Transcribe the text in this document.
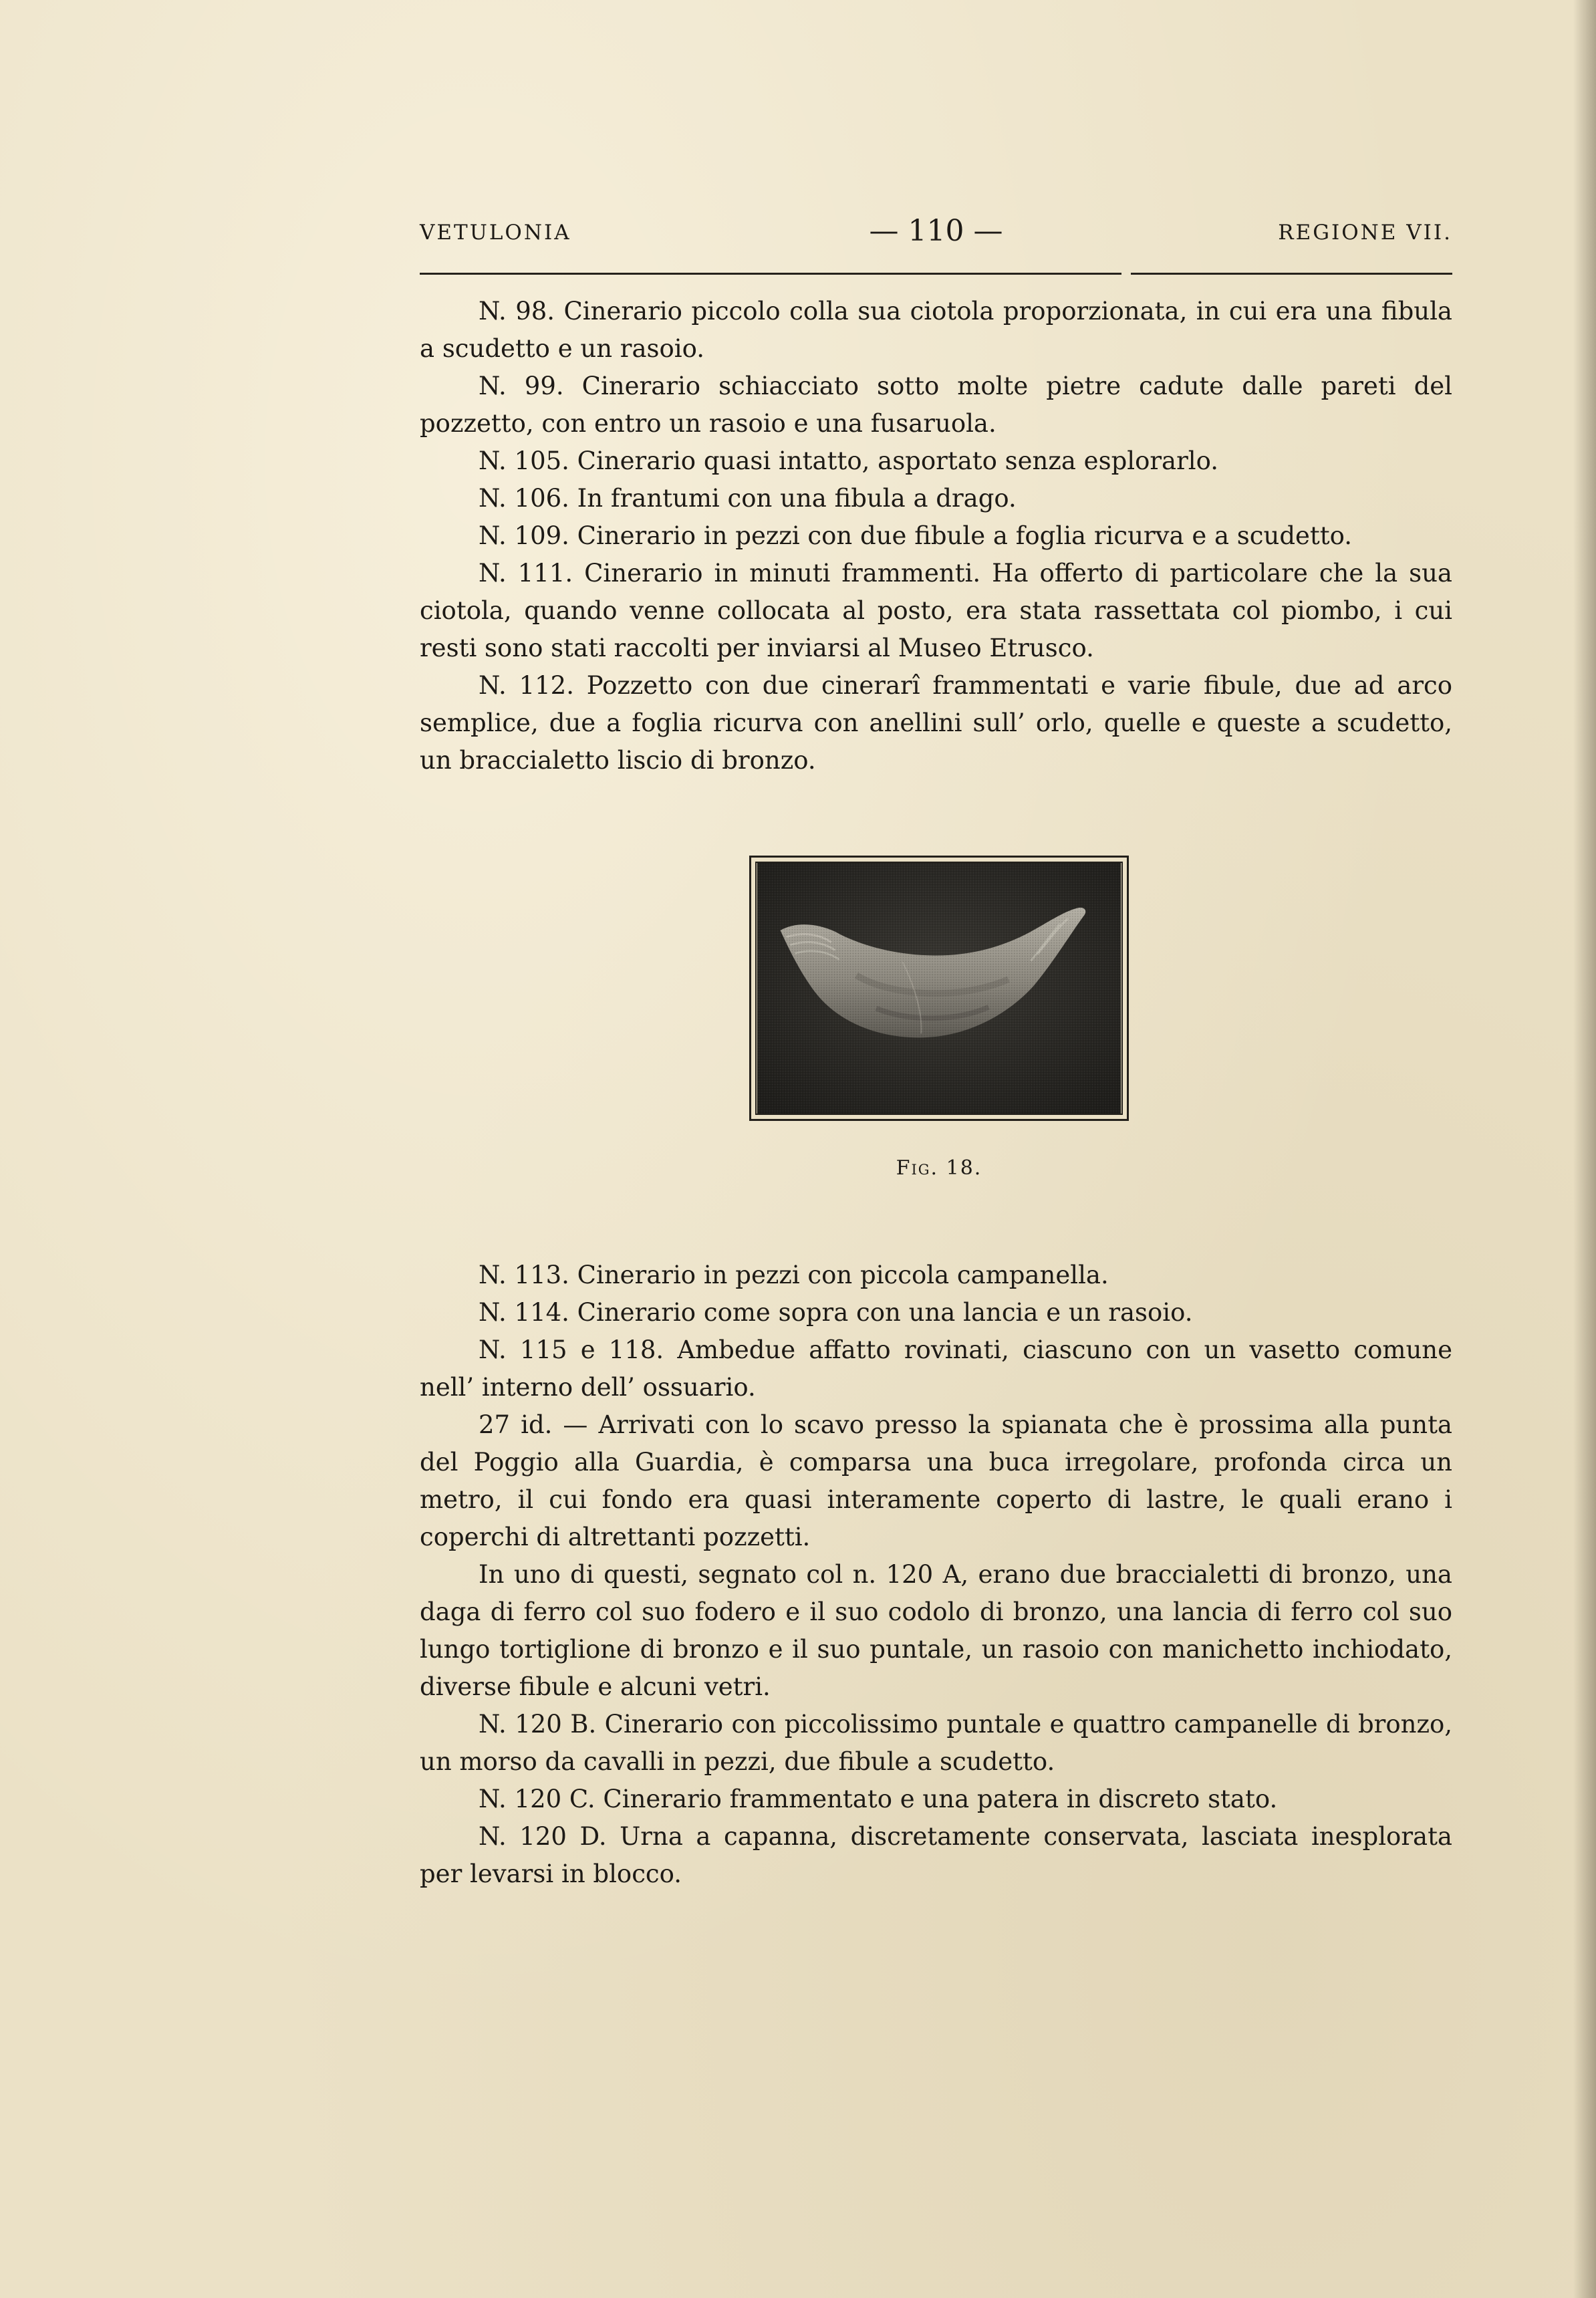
VETULONIA	— 110 —	REGIONE VII.

N. 98. Cinerario piccolo colla sua ciotola proporzionata, in cui era una fibula a scudetto e un rasoio.

N. 99. Cinerario schiacciato sotto molte pietre cadute dalle pareti del pozzetto, con entro un rasoio e una fusaruola.

N. 105. Cinerario quasi intatto, asportato senza esplorarlo.

N. 106. In frantumi con una fibula a drago.

N. 109. Cinerario in pezzi con due fibule a foglia ricurva e a scudetto.

N. 111. Cinerario in minuti frammenti. Ha offerto di particolare che la sua ciotola, quando venne collocata al posto, era stata rassettata col piombo, i cui resti sono stati raccolti per inviarsi al Museo Etrusco.

N. 112. Pozzetto con due cinerarî frammentati e varie fibule, due ad arco semplice, due a foglia ricurva con anellini sull’ orlo, quelle e queste a scudetto, un braccialetto liscio di bronzo.

Fig. 18.

N. 113. Cinerario in pezzi con piccola campanella.

N. 114. Cinerario come sopra con una lancia e un rasoio.

N. 115 e 118. Ambedue affatto rovinati, ciascuno con un vasetto comune nell’ interno dell’ ossuario.

27 id. — Arrivati con lo scavo presso la spianata che è prossima alla punta del Poggio alla Guardia, è comparsa una buca irregolare, profonda circa un metro, il cui fondo era quasi interamente coperto di lastre, le quali erano i coperchi di altrettanti pozzetti.

In uno di questi, segnato col n. 120 A, erano due braccialetti di bronzo, una daga di ferro col suo fodero e il suo codolo di bronzo, una lancia di ferro col suo lungo tortiglione di bronzo e il suo puntale, un rasoio con manichetto inchiodato, diverse fibule e alcuni vetri.

N. 120 B. Cinerario con piccolissimo puntale e quattro campanelle di bronzo, un morso da cavalli in pezzi, due fibule a scudetto.

N. 120 C. Cinerario frammentato e una patera in discreto stato.

N. 120 D. Urna a capanna, discretamente conservata, lasciata inesplorata per levarsi in blocco.
